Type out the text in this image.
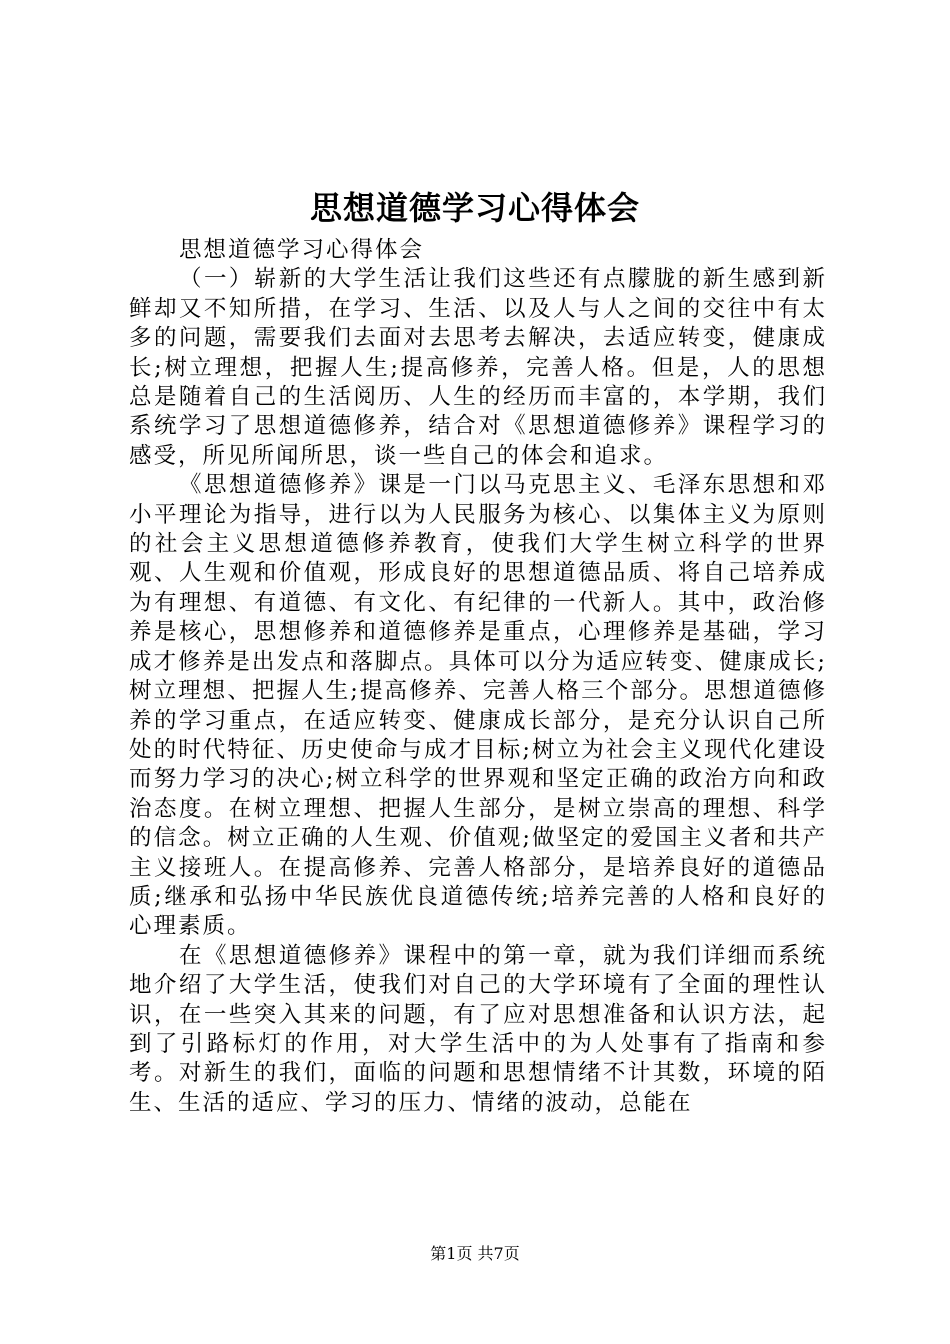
思想道德学习心得体会

思想道德学习心得体会

（一）崭新的大学生活让我们这些还有点朦胧的新生感到新鲜却又不知所措，在学习、生活、以及人与人之间的交往中有太多的问题，需要我们去面对去思考去解决，去适应转变，健康成长;树立理想，把握人生;提高修养，完善人格。但是，人的思想总是随着自己的生活阅历、人生的经历而丰富的，本学期，我们系统学习了思想道德修养，结合对《思想道德修养》课程学习的感受，所见所闻所思，谈一些自己的体会和追求。

《思想道德修养》课是一门以马克思主义、毛泽东思想和邓小平理论为指导，进行以为人民服务为核心、以集体主义为原则的社会主义思想道德修养教育，使我们大学生树立科学的世界观、人生观和价值观，形成良好的思想道德品质、将自己培养成为有理想、有道德、有文化、有纪律的一代新人。其中，政治修养是核心，思想修养和道德修养是重点，心理修养是基础，学习成才修养是出发点和落脚点。具体可以分为适应转变、健康成长;树立理想、把握人生;提高修养、完善人格三个部分。思想道德修养的学习重点，在适应转变、健康成长部分，是充分认识自己所处的时代特征、历史使命与成才目标;树立为社会主义现代化建设而努力学习的决心;树立科学的世界观和坚定正确的政治方向和政治态度。在树立理想、把握人生部分，是树立崇高的理想、科学的信念。树立正确的人生观、价值观;做坚定的爱国主义者和共产主义接班人。在提高修养、完善人格部分，是培养良好的道德品质;继承和弘扬中华民族优良道德传统;培养完善的人格和良好的心理素质。

在《思想道德修养》课程中的第一章，就为我们详细而系统地介绍了大学生活，使我们对自己的大学环境有了全面的理性认识，在一些突入其来的问题，有了应对思想准备和认识方法，起到了引路标灯的作用，对大学生活中的为人处事有了指南和参考。对新生的我们，面临的问题和思想情绪不计其数，环境的陌生、生活的适应、学习的压力、情绪的波动，总能在

第1页 共7页
